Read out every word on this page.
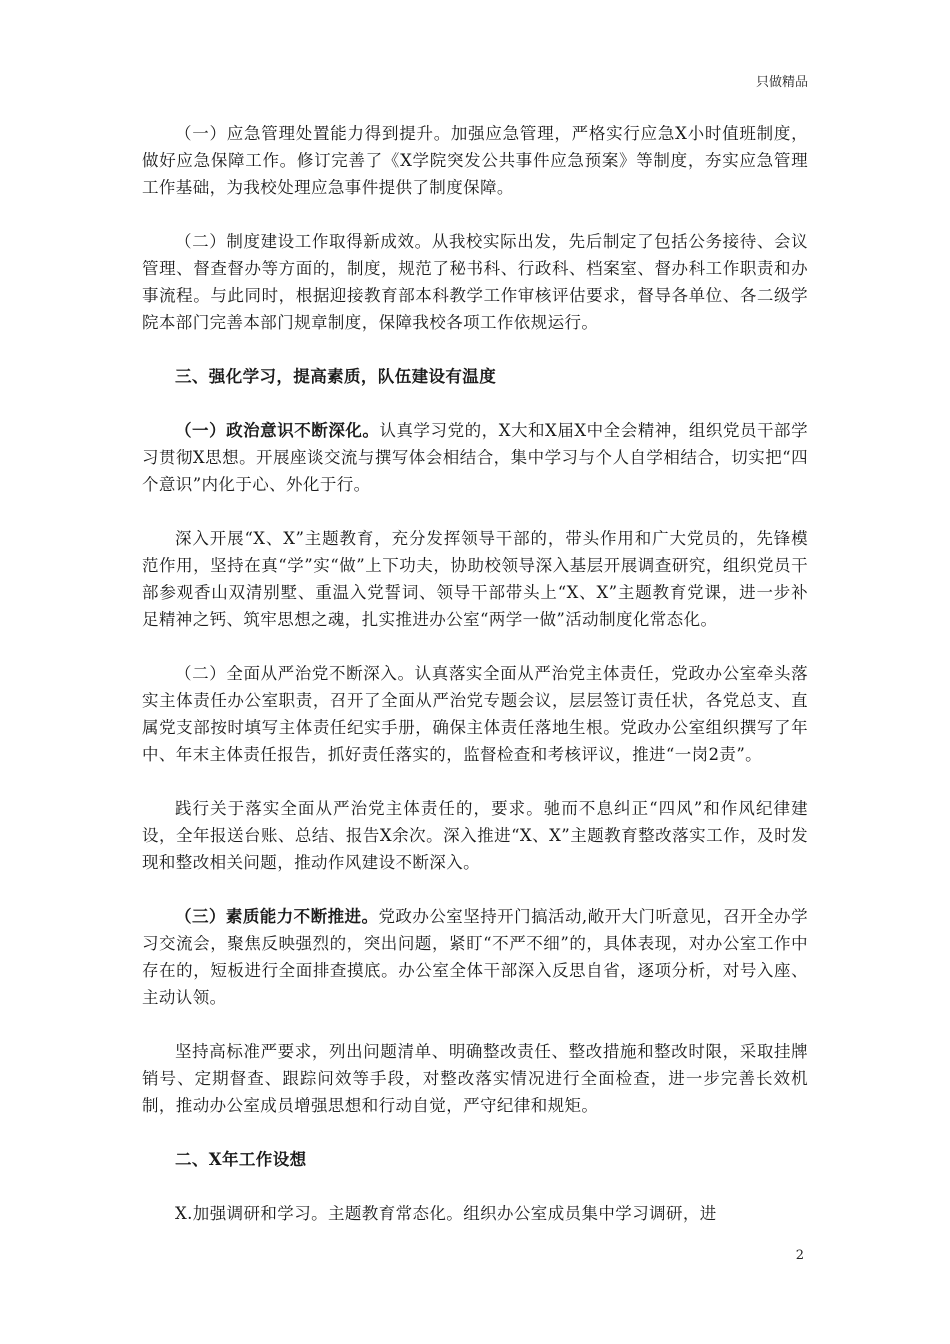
只做精品

（一）应急管理处置能力得到提升。加强应急管理，严格实行应急X小时值班制度，做好应急保障工作。修订完善了《X学院突发公共事件应急预案》等制度，夯实应急管理工作基础，为我校处理应急事件提供了制度保障。

（二）制度建设工作取得新成效。从我校实际出发，先后制定了包括公务接待、会议管理、督查督办等方面的，制度，规范了秘书科、行政科、档案室、督办科工作职责和办事流程。与此同时，根据迎接教育部本科教学工作审核评估要求，督导各单位、各二级学院本部门完善本部门规章制度，保障我校各项工作依规运行。

三、强化学习，提高素质，队伍建设有温度

（一）政治意识不断深化。认真学习党的，X大和X届X中全会精神，组织党员干部学习贯彻X思想。开展座谈交流与撰写体会相结合，集中学习与个人自学相结合，切实把“四个意识”内化于心、外化于行。

深入开展“X、X”主题教育，充分发挥领导干部的，带头作用和广大党员的，先锋模范作用，坚持在真“学”实“做”上下功夫，协助校领导深入基层开展调查研究，组织党员干部参观香山双清别墅、重温入党誓词、领导干部带头上“X、X”主题教育党课，进一步补足精神之钙、筑牢思想之魂，扎实推进办公室“两学一做”活动制度化常态化。

（二）全面从严治党不断深入。认真落实全面从严治党主体责任，党政办公室牵头落实主体责任办公室职责，召开了全面从严治党专题会议，层层签订责任状，各党总支、直属党支部按时填写主体责任纪实手册，确保主体责任落地生根。党政办公室组织撰写了年中、年末主体责任报告，抓好责任落实的，监督检查和考核评议，推进“一岗2责”。

践行关于落实全面从严治党主体责任的，要求。驰而不息纠正“四风”和作风纪律建设，全年报送台账、总结、报告X余次。深入推进“X、X”主题教育整改落实工作，及时发现和整改相关问题，推动作风建设不断深入。

（三）素质能力不断推进。党政办公室坚持开门搞活动,敞开大门听意见，召开全办学习交流会，聚焦反映强烈的，突出问题，紧盯“不严不细”的，具体表现，对办公室工作中存在的，短板进行全面排查摸底。办公室全体干部深入反思自省，逐项分析，对号入座、主动认领。

坚持高标准严要求，列出问题清单、明确整改责任、整改措施和整改时限，采取挂牌销号、定期督查、跟踪问效等手段，对整改落实情况进行全面检查，进一步完善长效机制，推动办公室成员增强思想和行动自觉，严守纪律和规矩。

二、X年工作设想

X.加强调研和学习。主题教育常态化。组织办公室成员集中学习调研，进

2
